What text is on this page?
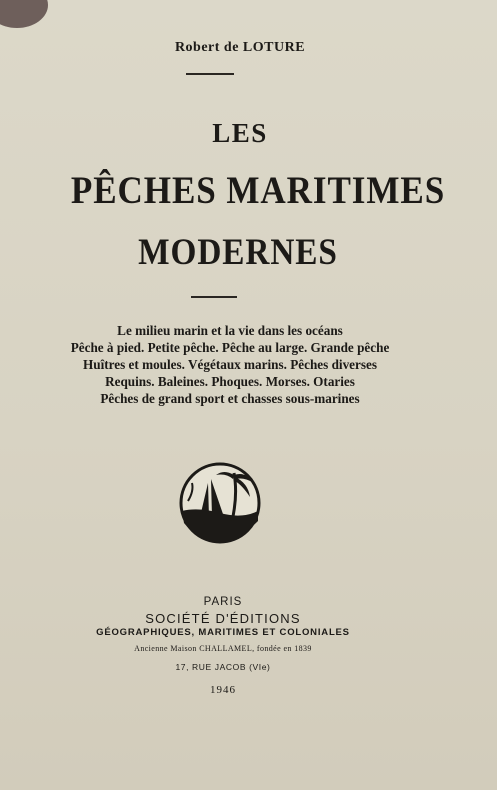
Robert de LOTURE
LES
PÊCHES MARITIMES
MODERNES
Le milieu marin et la vie dans les océans
Pêche à pied. Petite pêche. Pêche au large. Grande pêche
Huîtres et moules. Végétaux marins. Pêches diverses
Requins. Baleines. Phoques. Morses. Otaries
Pêches de grand sport et chasses sous-marines
PARIS
SOCIÉTÉ D'ÉDITIONS
GÉOGRAPHIQUES, MARITIMES ET COLONIALES
Ancienne Maison CHALLAMEL, fondée en 1839
17, RUE JACOB (VIe)
1946
